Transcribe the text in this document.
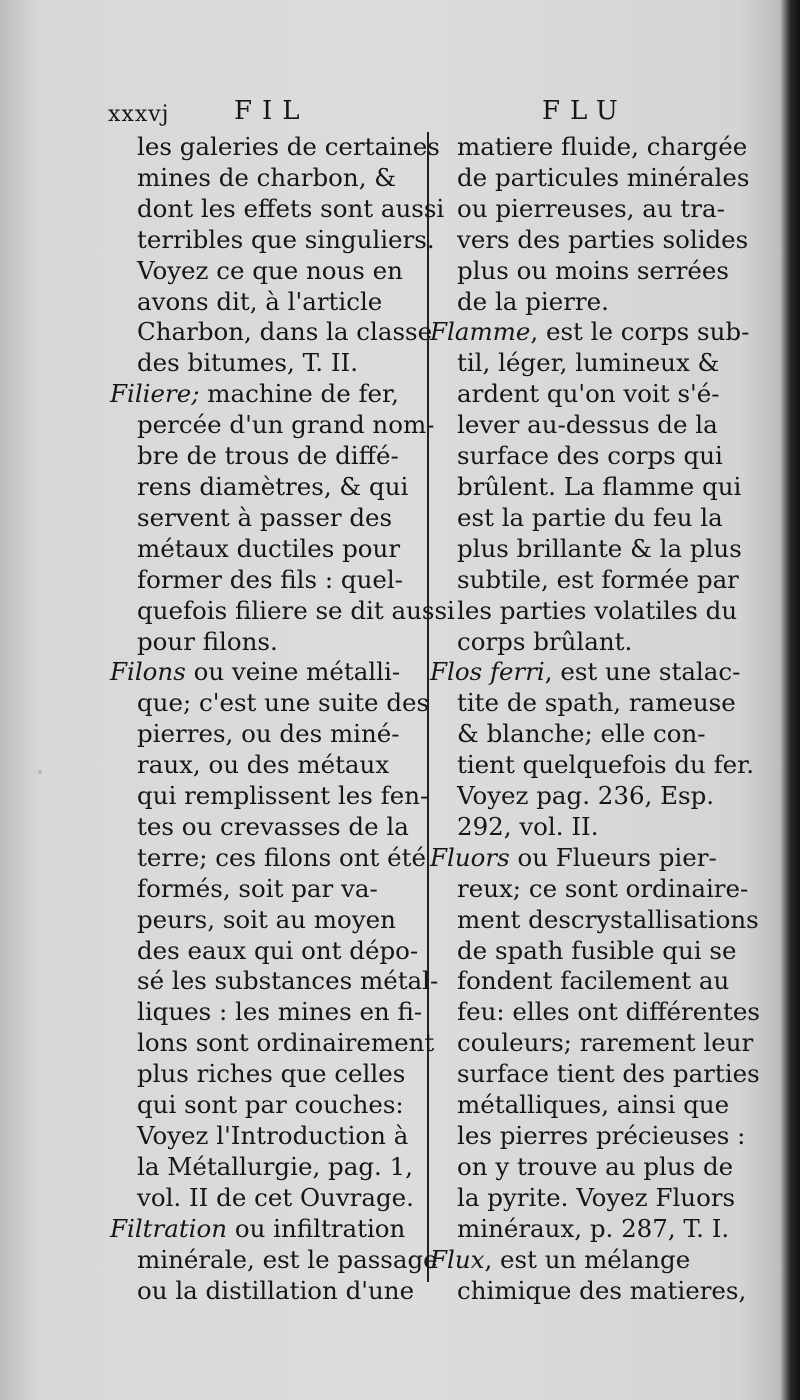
xxxvj FIL	FLU
les galeries de certaines
mines de charbon, &
dont les effets sont aussi
terribles que singuliers.
Voyez ce que nous en
avons dit, à l'article
Charbon, dans la classe
des bitumes, T. II.
Filiere; machine de fer,
percée d'un grand nom-
bre de trous de diffé-
rens diamètres, & qui
servent à passer des
métaux ductiles pour
former des fils : quel-
quefois filiere se dit aussi
pour filons.
Filons ou veine métalli-
que; c'est une suite des
pierres, ou des miné-
raux, ou des métaux
qui remplissent les fen-
tes ou crevasses de la
terre; ces filons ont été
formés, soit par va-
peurs, soit au moyen
des eaux qui ont dépo-
sé les substances métal-
liques : les mines en fi-
lons sont ordinairement
plus riches que celles
qui sont par couches:
Voyez l'Introduction à
la Métallurgie, pag. 1,
vol. II de cet Ouvrage.
Filtration ou infiltration
minérale, est le passage
ou la distillation d'une
matiere fluide, chargée
de particules minérales
ou pierreuses, au tra-
vers des parties solides
plus ou moins serrées
de la pierre.
Flamme, est le corps sub-
til, léger, lumineux &
ardent qu'on voit s'é-
lever au-dessus de la
surface des corps qui
brûlent. La flamme qui
est la partie du feu la
plus brillante & la plus
subtile, est formée par
les parties volatiles du
corps brûlant.
Flos ferri, est une stalac-
tite de spath, rameuse
& blanche; elle con-
tient quelquefois du fer.
Voyez pag. 236, Esp.
292, vol. II.
Fluors ou Flueurs pier-
reux; ce sont ordinaire-
ment descrystallisations
de spath fusible qui se
fondent facilement au
feu: elles ont différentes
couleurs; rarement leur
surface tient des parties
métalliques, ainsi que
les pierres précieuses :
on y trouve au plus de
la pyrite. Voyez Fluors
minéraux, p. 287, T. I.
Flux, est un mélange
chimique des matieres,
